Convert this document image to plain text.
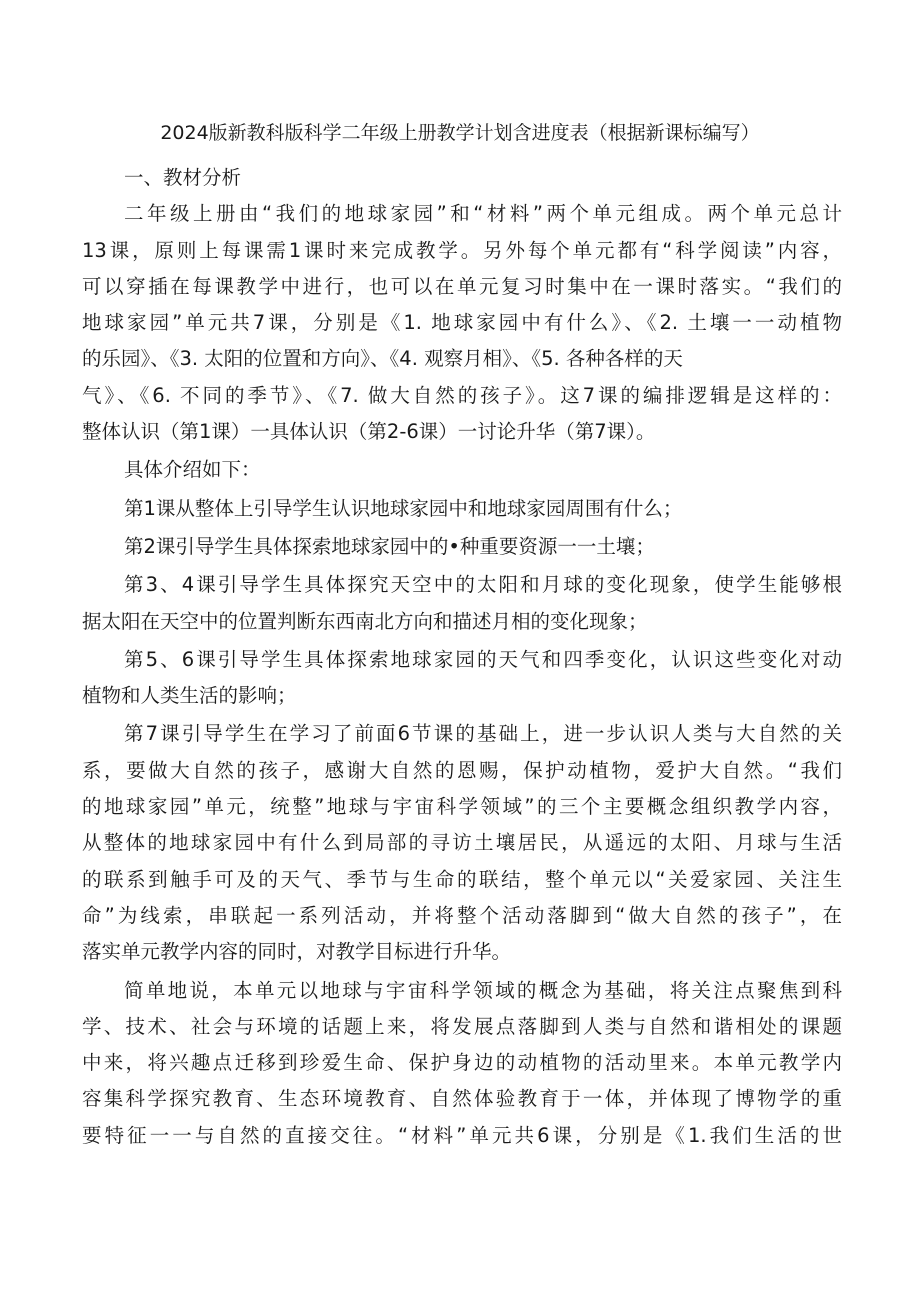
2024版新教科版科学二年级上册教学计划含进度表（根据新课标编写）
一、教材分析
二年级上册由“我们的地球家园”和“材料”两个单元组成。两个单元总计
13课，原则上每课需1课时来完成教学。另外每个单元都有“科学阅读”内容，
可以穿插在每课教学中进行，也可以在单元复习时集中在一课时落实。“我们的
地球家园”单元共7课，分别是《1. 地球家园中有什么》、《2. 土壤一一动植物
的乐园》、《3. 太阳的位置和方向》、《4. 观察月相》、《5. 各种各样的天
气》、《6. 不同的季节》、《7. 做大自然的孩子》。这7课的编排逻辑是这样的：
整体认识（第1课）一具体认识（第2-6课）一讨论升华（第7课）。
具体介绍如下：
第1课从整体上引导学生认识地球家园中和地球家园周围有什么；
第2课引导学生具体探索地球家园中的•种重要资源一一土壤；
第3、4课引导学生具体探究天空中的太阳和月球的变化现象，使学生能够根
据太阳在天空中的位置判断东西南北方向和描述月相的变化现象；
第5、6课引导学生具体探索地球家园的天气和四季变化，认识这些变化对动
植物和人类生活的影响；
第7课引导学生在学习了前面6节课的基础上，进一步认识人类与大自然的关
系，要做大自然的孩子，感谢大自然的恩赐，保护动植物，爱护大自然。“我们
的地球家园”单元，统整”地球与宇宙科学领域”的三个主要概念组织教学内容，
从整体的地球家园中有什么到局部的寻访土壤居民，从遥远的太阳、月球与生活
的联系到触手可及的天气、季节与生命的联结，整个单元以“关爱家园、关注生
命”为线索，串联起一系列活动，并将整个活动落脚到“做大自然的孩子”，在
落实单元教学内容的同时，对教学目标进行升华。
简单地说，本单元以地球与宇宙科学领域的概念为基础，将关注点聚焦到科
学、技术、社会与环境的话题上来，将发展点落脚到人类与自然和谐相处的课题
中来，将兴趣点迁移到珍爱生命、保护身边的动植物的活动里来。本单元教学内
容集科学探究教育、生态环境教育、自然体验教育于一体，并体现了博物学的重
要特征一一与自然的直接交往。“材料”单元共6课，分别是《1.我们生活的世
